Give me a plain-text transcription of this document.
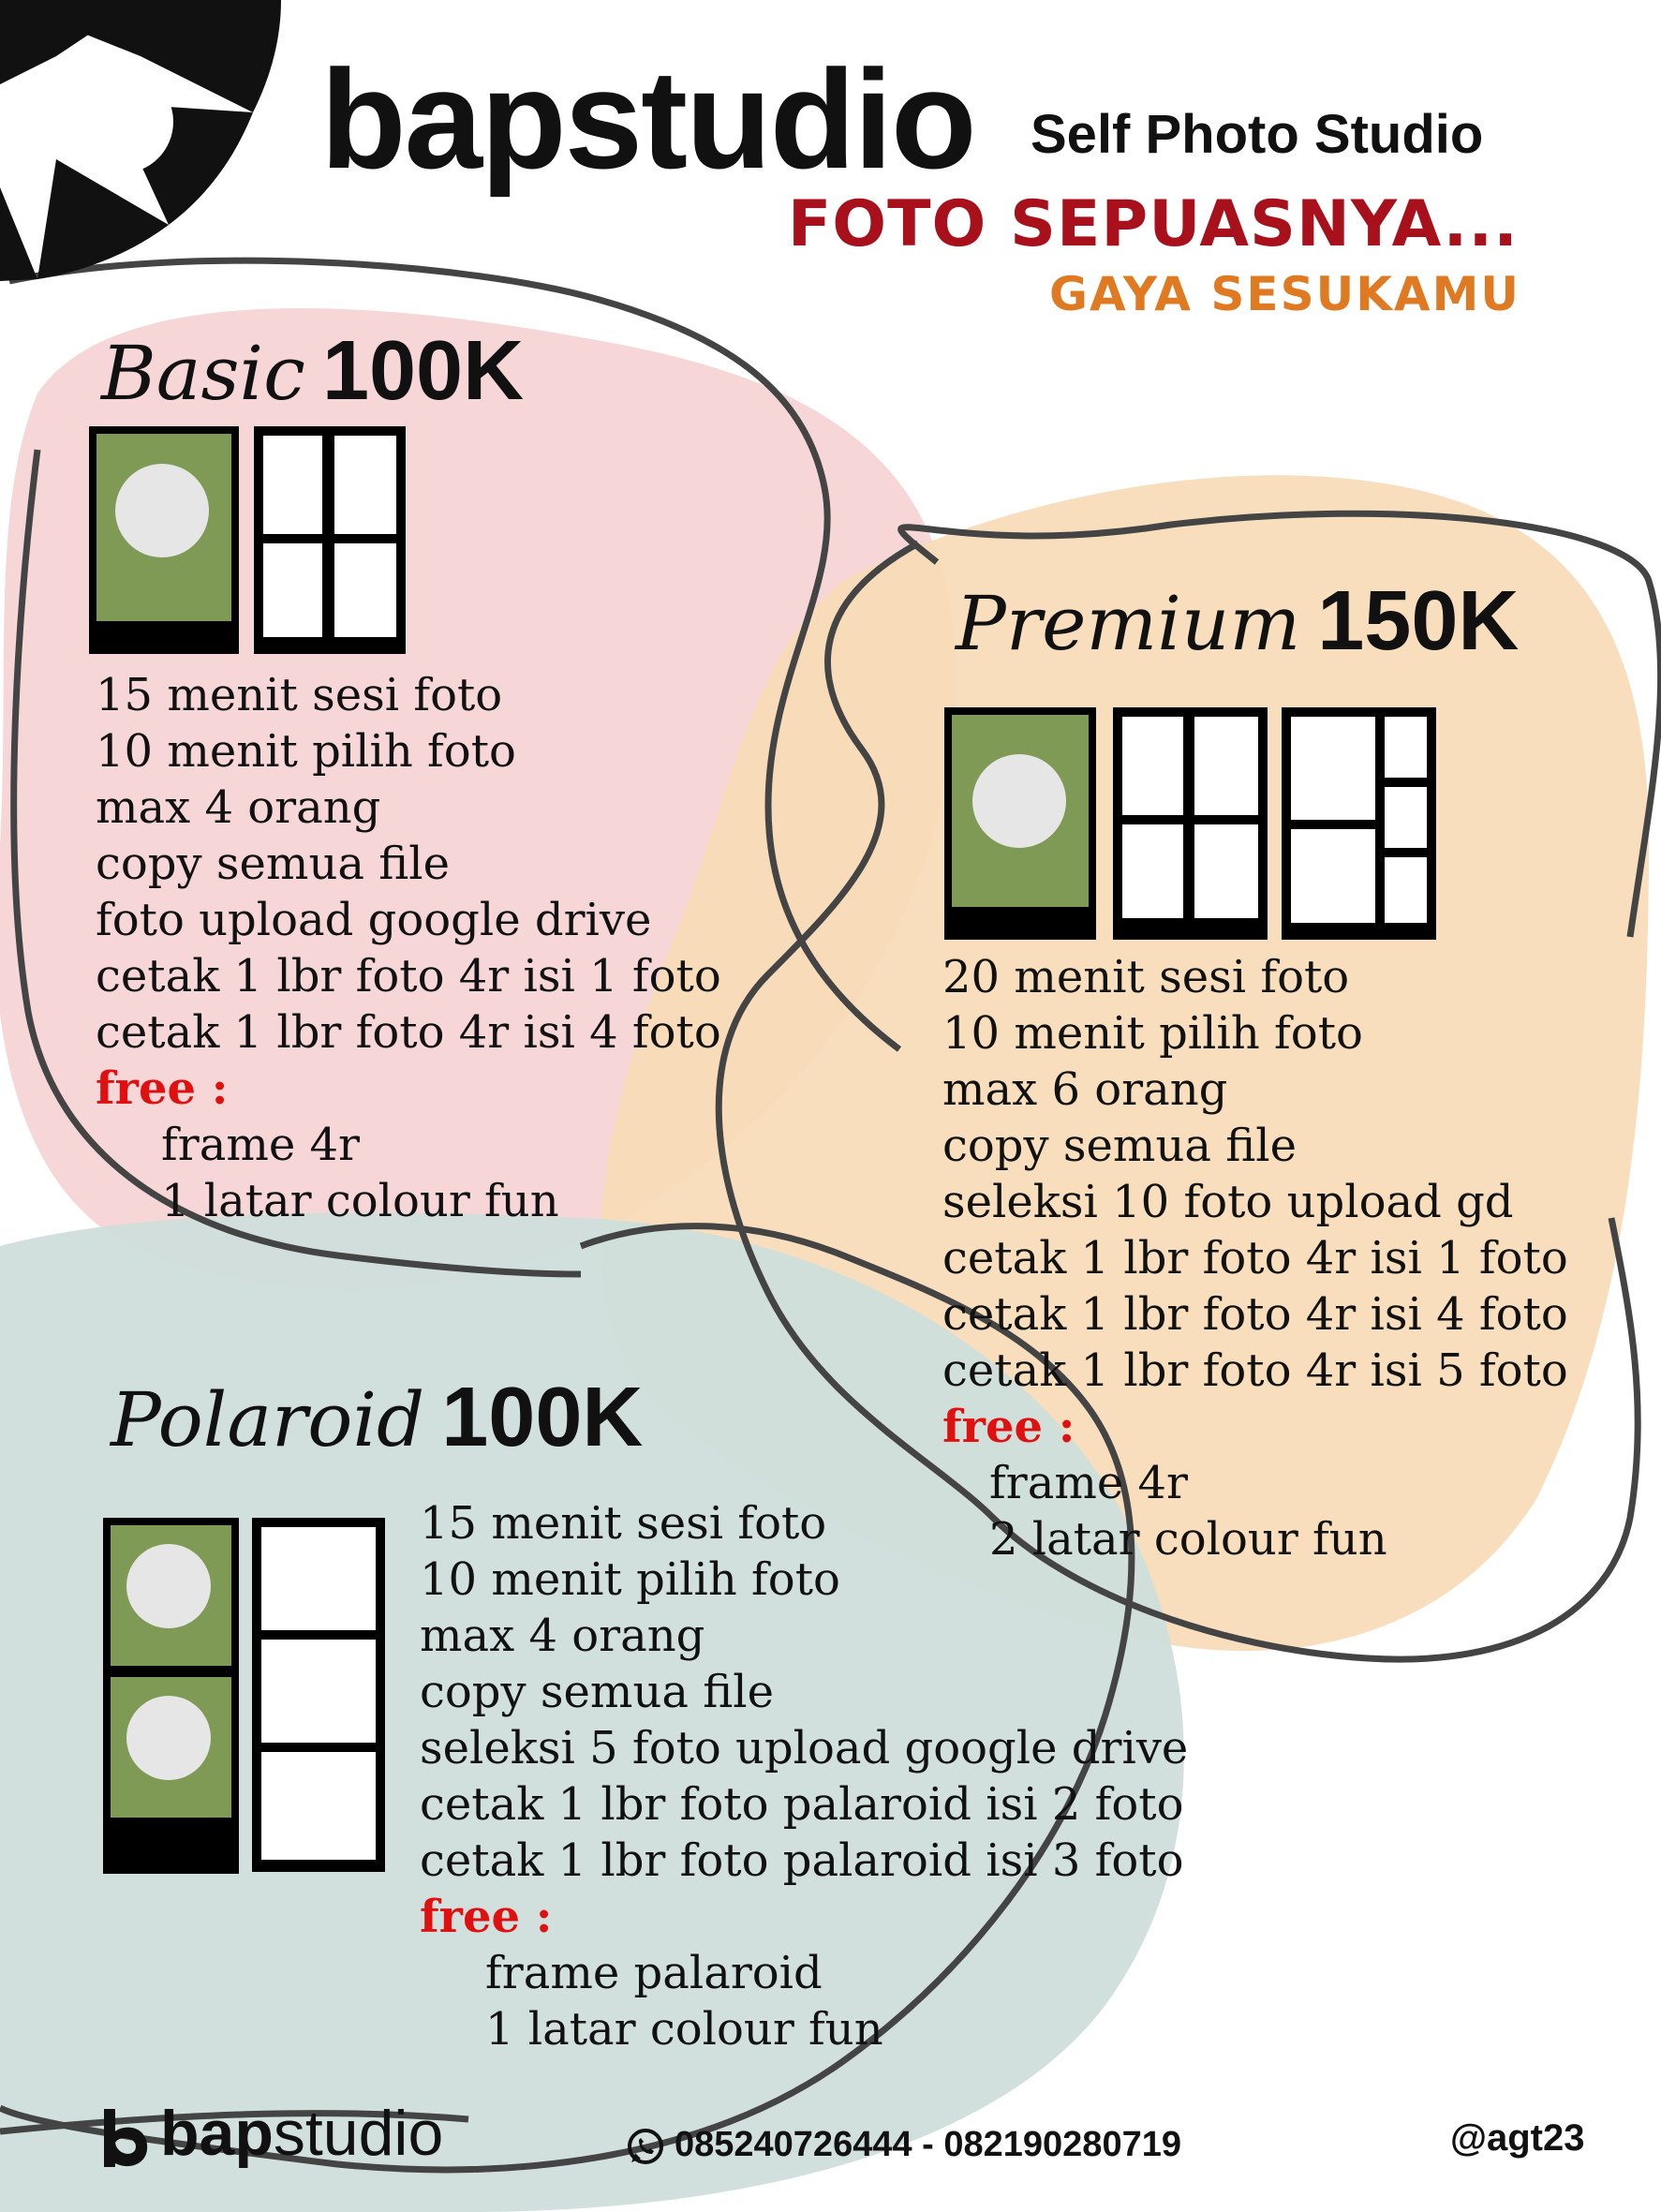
bapstudio Self Photo Studio
FOTO SEPUASNYA...
GAYA SESUKAMU
Basic 100K
15 menit sesi foto
10 menit pilih foto
max 4 orang
copy semua file
foto upload google drive
cetak 1 lbr foto 4r isi 1 foto
cetak 1 lbr foto 4r isi 4 foto
free :
frame 4r
1 latar colour fun
Premium 150K
20 menit sesi foto
10 menit pilih foto
max 6 orang
copy semua file
seleksi 10 foto upload gd
cetak 1 lbr foto 4r isi 1 foto
cetak 1 lbr foto 4r isi 4 foto
cetak 1 lbr foto 4r isi 5 foto
free :
frame 4r
2 latar colour fun
Polaroid 100K
15 menit sesi foto
10 menit pilih foto
max 4 orang
copy semua file
seleksi 5 foto upload google drive
cetak 1 lbr foto palaroid isi 2 foto
cetak 1 lbr foto palaroid isi 3 foto
free :
frame palaroid
1 latar colour fun
bapstudio	085240726444 - 082190280719	@agt23
